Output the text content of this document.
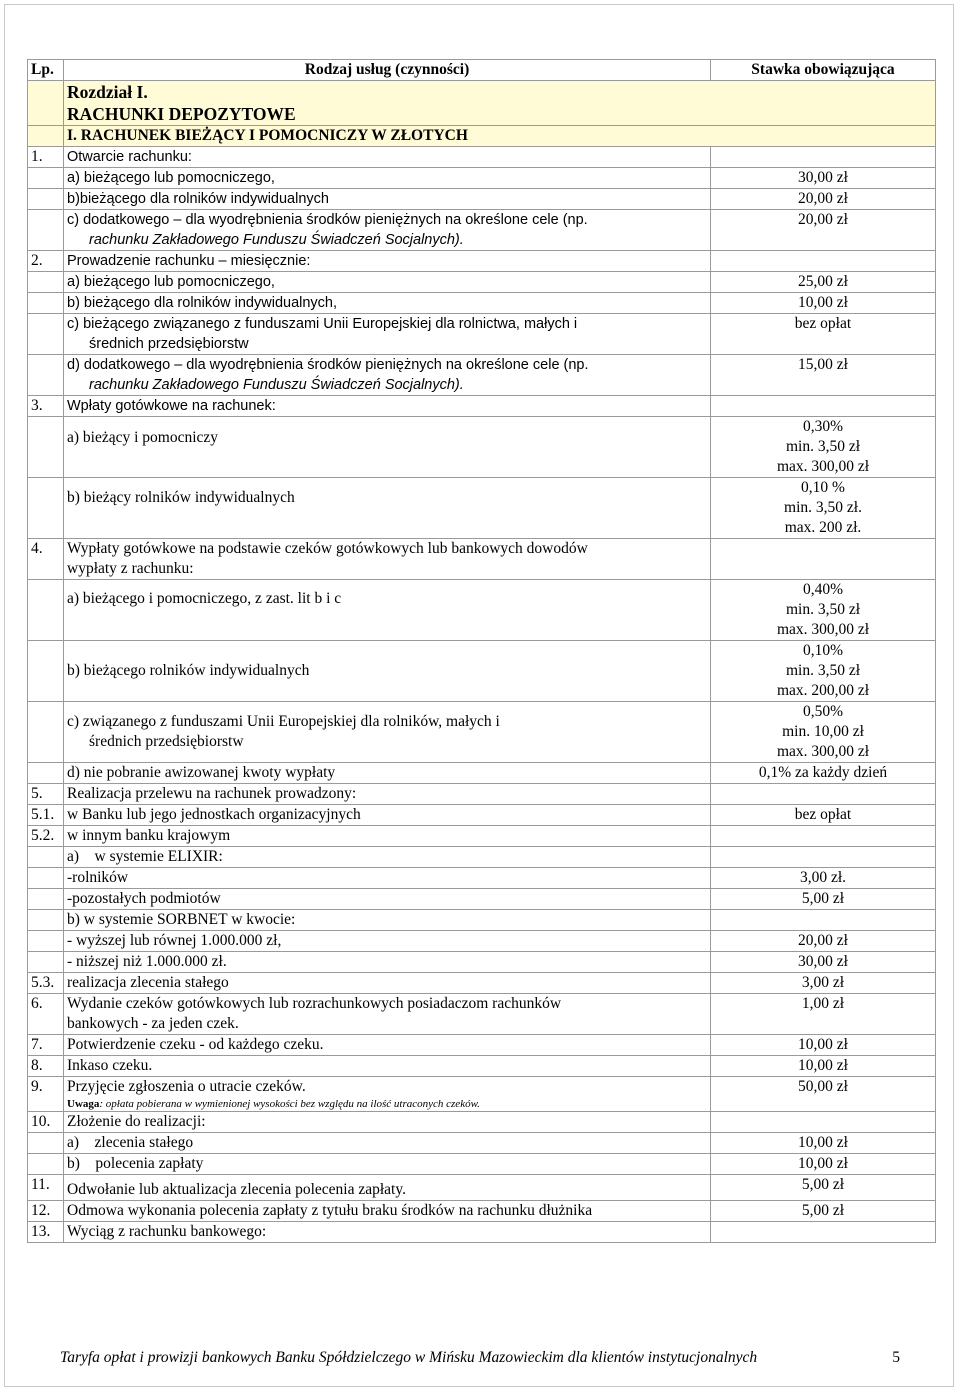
Lp.	Rodzaj usług (czynności)	Stawka obowiązująca

	Rozdział I.
RACHUNKI DEPOZYTOWE	

	I. RACHUNEK BIEŻĄCY I POMOCNICZY W ZŁOTYCH	
1.	Otwarcie rachunku:	
	a) bieżącego lub pomocniczego,	30,00 zł
	b)bieżącego dla rolników indywidualnych	20,00 zł

	c) dodatkowego – dla wyodrębnienia środków pieniężnych na określone cele (np.
rachunku Zakładowego Funduszu Świadczeń Socjalnych).	20,00 zł
2.	Prowadzenie rachunku – miesięcznie:	
	a) bieżącego lub pomocniczego,	25,00 zł
	b) bieżącego dla rolników indywidualnych,	10,00 zł

	c) bieżącego związanego z funduszami Unii Europejskiej dla rolnictwa, małych i
średnich przedsiębiorstw	bez opłat

	d) dodatkowego – dla wyodrębnienia środków pieniężnych na określone cele (np.
rachunku Zakładowego Funduszu Świadczeń Socjalnych).	15,00 zł
3.	Wpłaty gotówkowe na rachunek:	
	a) bieżący i pomocniczy	0,30%
min. 3,50 zł
max. 300,00 zł

	b) bieżący rolników indywidualnych	0,10 %
min. 3,50 zł.
max. 200 zł.

4.	Wypłaty gotówkowe na podstawie czeków gotówkowych lub bankowych dowodów
wypłaty z rachunku:	

	a) bieżącego i pomocniczego, z zast. lit b i c	0,40%
min. 3,50 zł
max. 300,00 zł

	b) bieżącego rolników indywidualnych	0,10%
min. 3,50 zł
max. 200,00 zł

	c) związanego z funduszami Unii Europejskiej dla rolników, małych i
średnich przedsiębiorstw	0,50%
min. 10,00 zł
max. 300,00 zł

	d) nie pobranie awizowanej kwoty wypłaty	0,1% za każdy dzień
5.	Realizacja przelewu na rachunek prowadzony:	
5.1.	w Banku lub jego jednostkach organizacyjnych	bez opłat
5.2.	w innym banku krajowym	
	a)    w systemie ELIXIR:	
	-rolników	3,00 zł.
	-pozostałych podmiotów	5,00 zł
	b) w systemie SORBNET w kwocie:	
	- wyższej lub równej 1.000.000 zł,	20,00 zł
	- niższej niż 1.000.000 zł.	30,00 zł
5.3.	realizacja zlecenia stałego	3,00 zł
6.	Wydanie czeków gotówkowych lub rozrachunkowych posiadaczom rachunków
bankowych - za jeden czek.	1,00 zł
7.	Potwierdzenie czeku - od każdego czeku.	10,00 zł
8.	Inkaso czeku.	10,00 zł
9.	Przyjęcie zgłoszenia o utracie czeków.
Uwaga: opłata pobierana w wymienionej wysokości bez względu na ilość utraconych czeków.	50,00 zł
10.	Złożenie do realizacji:	
	a)    zlecenia stałego	10,00 zł
	b)    polecenia zapłaty	10,00 zł
11.	Odwołanie lub aktualizacja zlecenia polecenia zapłaty.	5,00 zł
12.	Odmowa wykonania polecenia zapłaty z tytułu braku środków na rachunku dłużnika	5,00 zł
13.	Wyciąg z rachunku bankowego:	
Taryfa opłat i prowizji bankowych Banku Spółdzielczego w Mińsku Mazowieckim dla klientów instytucjonalnych	5
